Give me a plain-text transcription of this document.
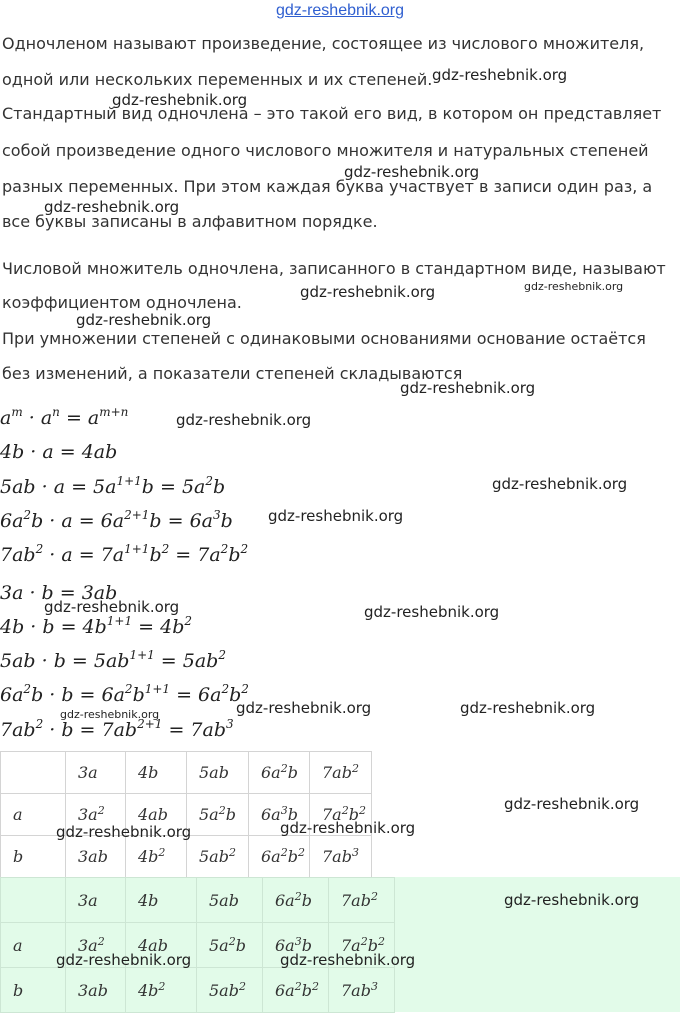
gdz-reshebnik.org

Одночленом называют произведение, состоящее из числового множителя,

одной или нескольких переменных и их степеней.

Стандартный вид одночлена – это такой его вид, в котором он представляет

собой произведение одного числового множителя и натуральных степеней

разных переменных. При этом каждая буква участвует в записи один раз, а

все буквы записаны в алфавитном порядке.

Числовой множитель одночлена, записанного в стандартном виде, называют

коэффициентом одночлена.

При умножении степеней с одинаковыми основаниями основание остаётся

без изменений, а показатели степеней складываются

$a^m \cdot a^n = a^{m+n}$
4b · a = 4ab
$5ab \cdot a = 5a^{1+1}b = 5a^2b$
$6a^2b \cdot a = 6a^{2+1}b = 6a^3b$
$7ab^2 \cdot a = 7a^{1+1}b^2 = 7a^2b^2$
3a · b = 3ab
$4b \cdot b = 4b^{1+1} = 4b^2$
$5ab \cdot b = 5ab^{1+1} = 5ab^2$
$6a^2b \cdot b = 6a^2b^{1+1} = 6a^2b^2$
$7ab^2 \cdot b = 7ab^{2+1} = 7ab^3$
	3a	4b	5ab	$6a^2b$	$7ab^2$
a	$3a^2$	4ab	$5a^2b$	$6a^3b$	$7a^2b^2$
b	3ab	$4b^2$	$5ab^2$	$6a^2b^2$	$7ab^3$
	3a	4b	5ab	$6a^2b$	$7ab^2$
a	$3a^2$	4ab	$5a^2b$	$6a^3b$	$7a^2b^2$
b	3ab	$4b^2$	$5ab^2$	$6a^2b^2$	$7ab^3$
gdz-reshebnik.org
gdz-reshebnik.org
gdz-reshebnik.org
gdz-reshebnik.org
gdz-reshebnik.org	gdz-reshebnik.org
gdz-reshebnik.org
gdz-reshebnik.org
gdz-reshebnik.org
gdz-reshebnik.org
gdz-reshebnik.org
gdz-reshebnik.org	gdz-reshebnik.org
gdz-reshebnik.org	gdz-reshebnik.org
gdz-reshebnik.org
gdz-reshebnik.org
gdz-reshebnik.org	gdz-reshebnik.org
gdz-reshebnik.org
gdz-reshebnik.org	gdz-reshebnik.org
